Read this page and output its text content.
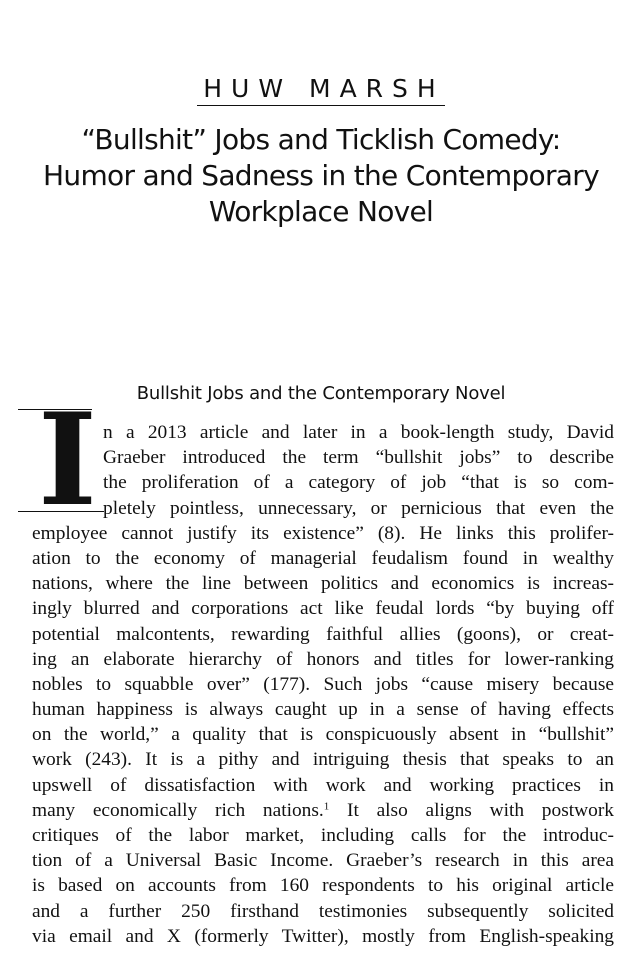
HUW MARSH
“Bullshit” Jobs and Ticklish Comedy:
Humor and Sadness in the Contemporary
Workplace Novel
Bullshit Jobs and the Contemporary Novel
I n a 2013 article and later in a book-length study, David
Graeber introduced the term “bullshit jobs” to describe
the proliferation of a category of job “that is so com-
pletely pointless, unnecessary, or pernicious that even the
employee cannot justify its existence” (8). He links this prolifer-
ation to the economy of managerial feudalism found in wealthy
nations, where the line between politics and economics is increas-
ingly blurred and corporations act like feudal lords “by buying off
potential malcontents, rewarding faithful allies (goons), or creat-
ing an elaborate hierarchy of honors and titles for lower-ranking
nobles to squabble over” (177). Such jobs “cause misery because
human happiness is always caught up in a sense of having effects
on the world,” a quality that is conspicuously absent in “bullshit”
work (243). It is a pithy and intriguing thesis that speaks to an
upswell of dissatisfaction with work and working practices in
many economically rich nations.$^1$ It also aligns with postwork
critiques of the labor market, including calls for the introduc-
tion of a Universal Basic Income. Graeber’s research in this area
is based on accounts from 160 respondents to his original article
and a further 250 firsthand testimonies subsequently solicited
via email and X (formerly Twitter), mostly from English-speaking
